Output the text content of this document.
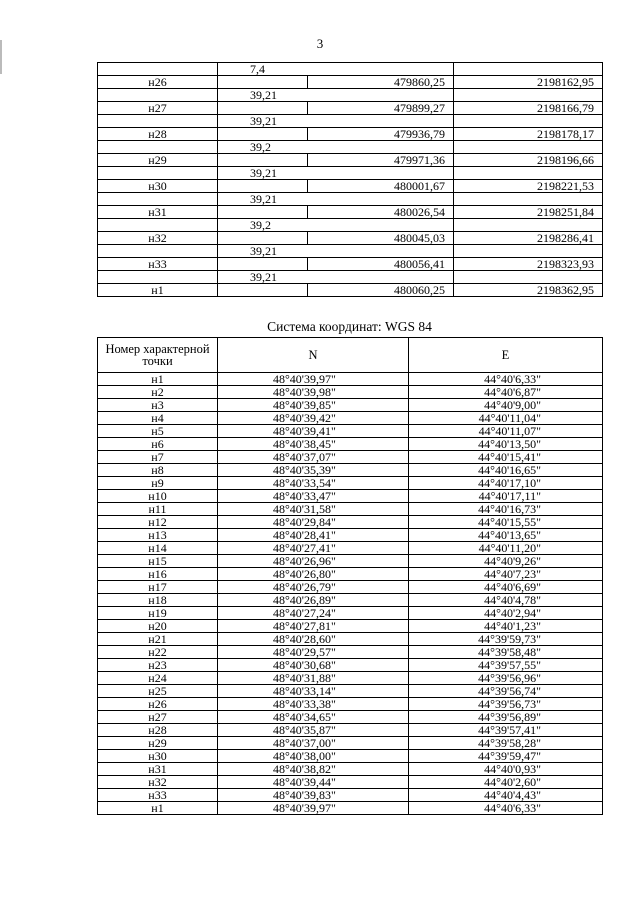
3
	7,4		
н26		479860,25	2198162,95
	39,21		
н27		479899,27	2198166,79
	39,21		
н28		479936,79	2198178,17
	39,2		
н29		479971,36	2198196,66
	39,21		
н30		480001,67	2198221,53
	39,21		
н31		480026,54	2198251,84
	39,2		
н32		480045,03	2198286,41
	39,21		
н33		480056,41	2198323,93
	39,21		
н1		480060,25	2198362,95
Система координат: WGS 84
Номер характерной точки	N	E
н1	48°40'39,97"	44°40'6,33"
н2	48°40'39,98"	44°40'6,87"
н3	48°40'39,85"	44°40'9,00"
н4	48°40'39,42"	44°40'11,04"
н5	48°40'39,41"	44°40'11,07"
н6	48°40'38,45"	44°40'13,50"
н7	48°40'37,07"	44°40'15,41"
н8	48°40'35,39"	44°40'16,65"
н9	48°40'33,54"	44°40'17,10"
н10	48°40'33,47"	44°40'17,11"
н11	48°40'31,58"	44°40'16,73"
н12	48°40'29,84"	44°40'15,55"
н13	48°40'28,41"	44°40'13,65"
н14	48°40'27,41"	44°40'11,20"
н15	48°40'26,96"	44°40'9,26"
н16	48°40'26,80"	44°40'7,23"
н17	48°40'26,79"	44°40'6,69"
н18	48°40'26,89"	44°40'4,78"
н19	48°40'27,24"	44°40'2,94"
н20	48°40'27,81"	44°40'1,23"
н21	48°40'28,60"	44°39'59,73"
н22	48°40'29,57"	44°39'58,48"
н23	48°40'30,68"	44°39'57,55"
н24	48°40'31,88"	44°39'56,96"
н25	48°40'33,14"	44°39'56,74"
н26	48°40'33,38"	44°39'56,73"
н27	48°40'34,65"	44°39'56,89"
н28	48°40'35,87"	44°39'57,41"
н29	48°40'37,00"	44°39'58,28"
н30	48°40'38,00"	44°39'59,47"
н31	48°40'38,82"	44°40'0,93"
н32	48°40'39,44"	44°40'2,60"
н33	48°40'39,83"	44°40'4,43"
н1	48°40'39,97"	44°40'6,33"
